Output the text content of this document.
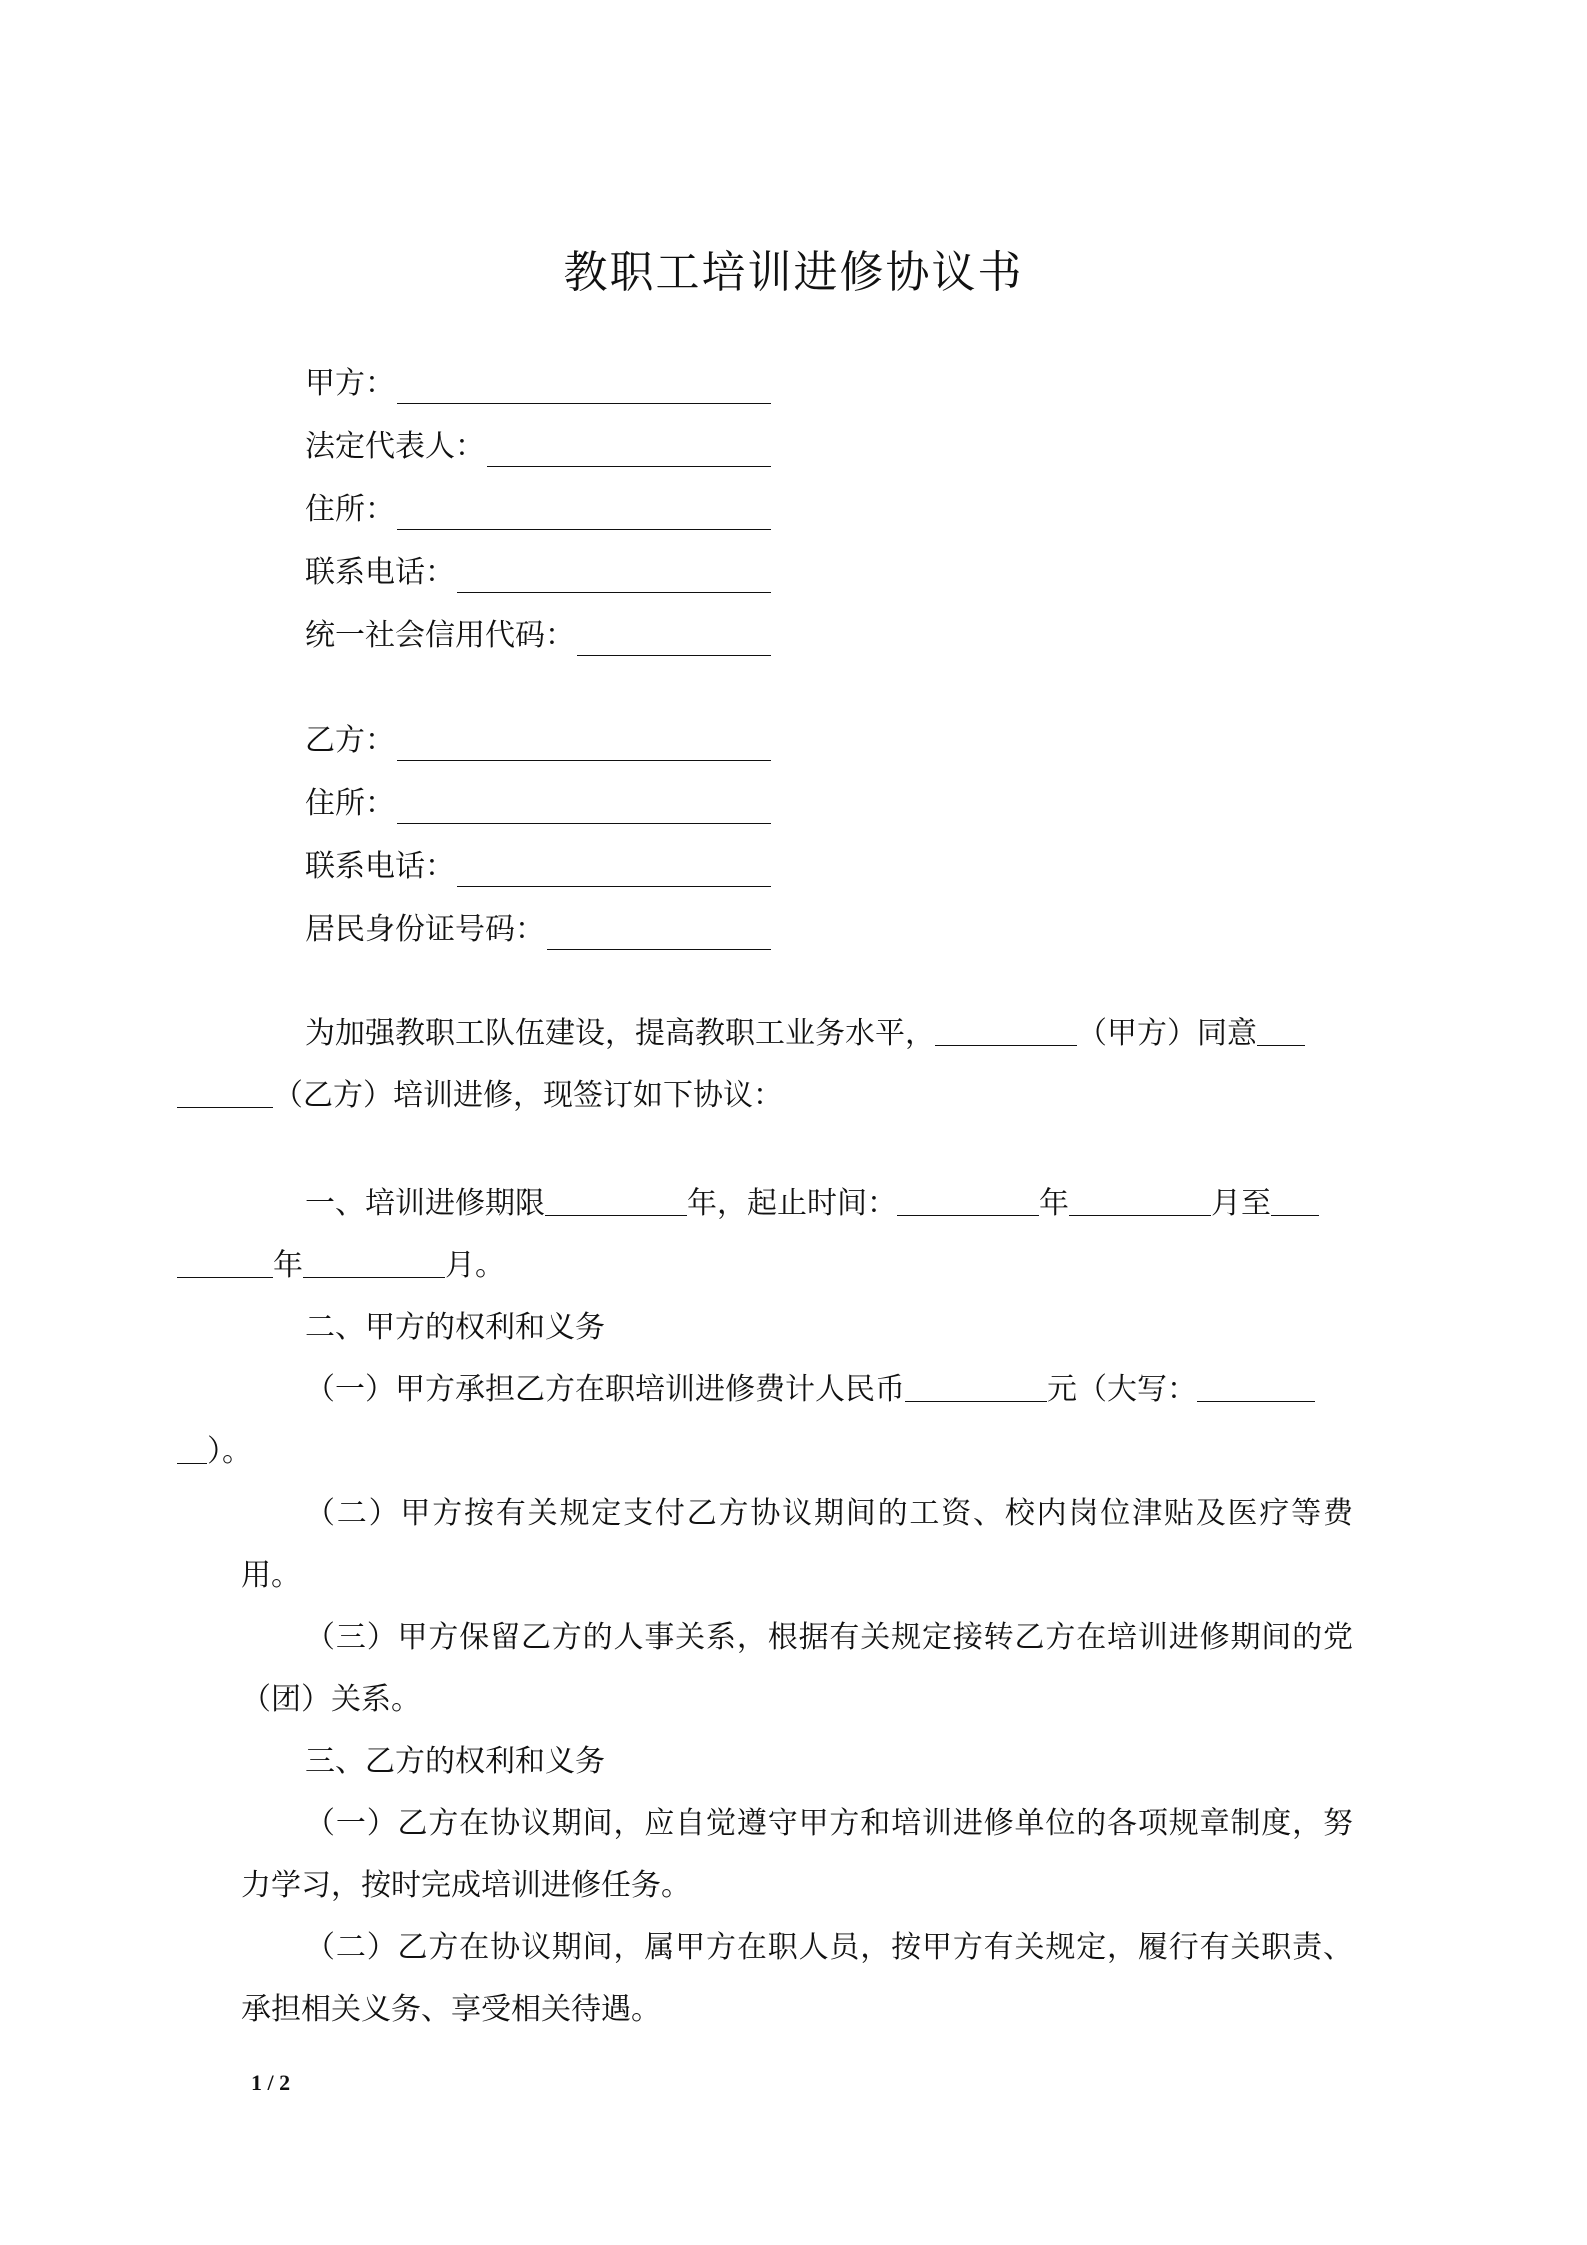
教职工培训进修协议书
甲方：
法定代表人：
住所：
联系电话：
统一社会信用代码：
乙方：
住所：
联系电话：
居民身份证号码：
为加强教职工队伍建设，提高教职工业务水平，	（甲方）同意
（乙方）培训进修，现签订如下协议：
一、培训进修期限	年，起止时间：	年	月至
年	月。
二、甲方的权利和义务
（一）甲方承担乙方在职培训进修费计人民币	元（大写：
）。
（二）甲方按有关规定支付乙方协议期间的工资、校内岗位津贴及医疗等费用。
（三）甲方保留乙方的人事关系，根据有关规定接转乙方在培训进修期间的党（团）关系。
三、乙方的权利和义务
（一）乙方在协议期间，应自觉遵守甲方和培训进修单位的各项规章制度，努力学习，按时完成培训进修任务。
（二）乙方在协议期间，属甲方在职人员，按甲方有关规定，履行有关职责、承担相关义务、享受相关待遇。
1 / 2
